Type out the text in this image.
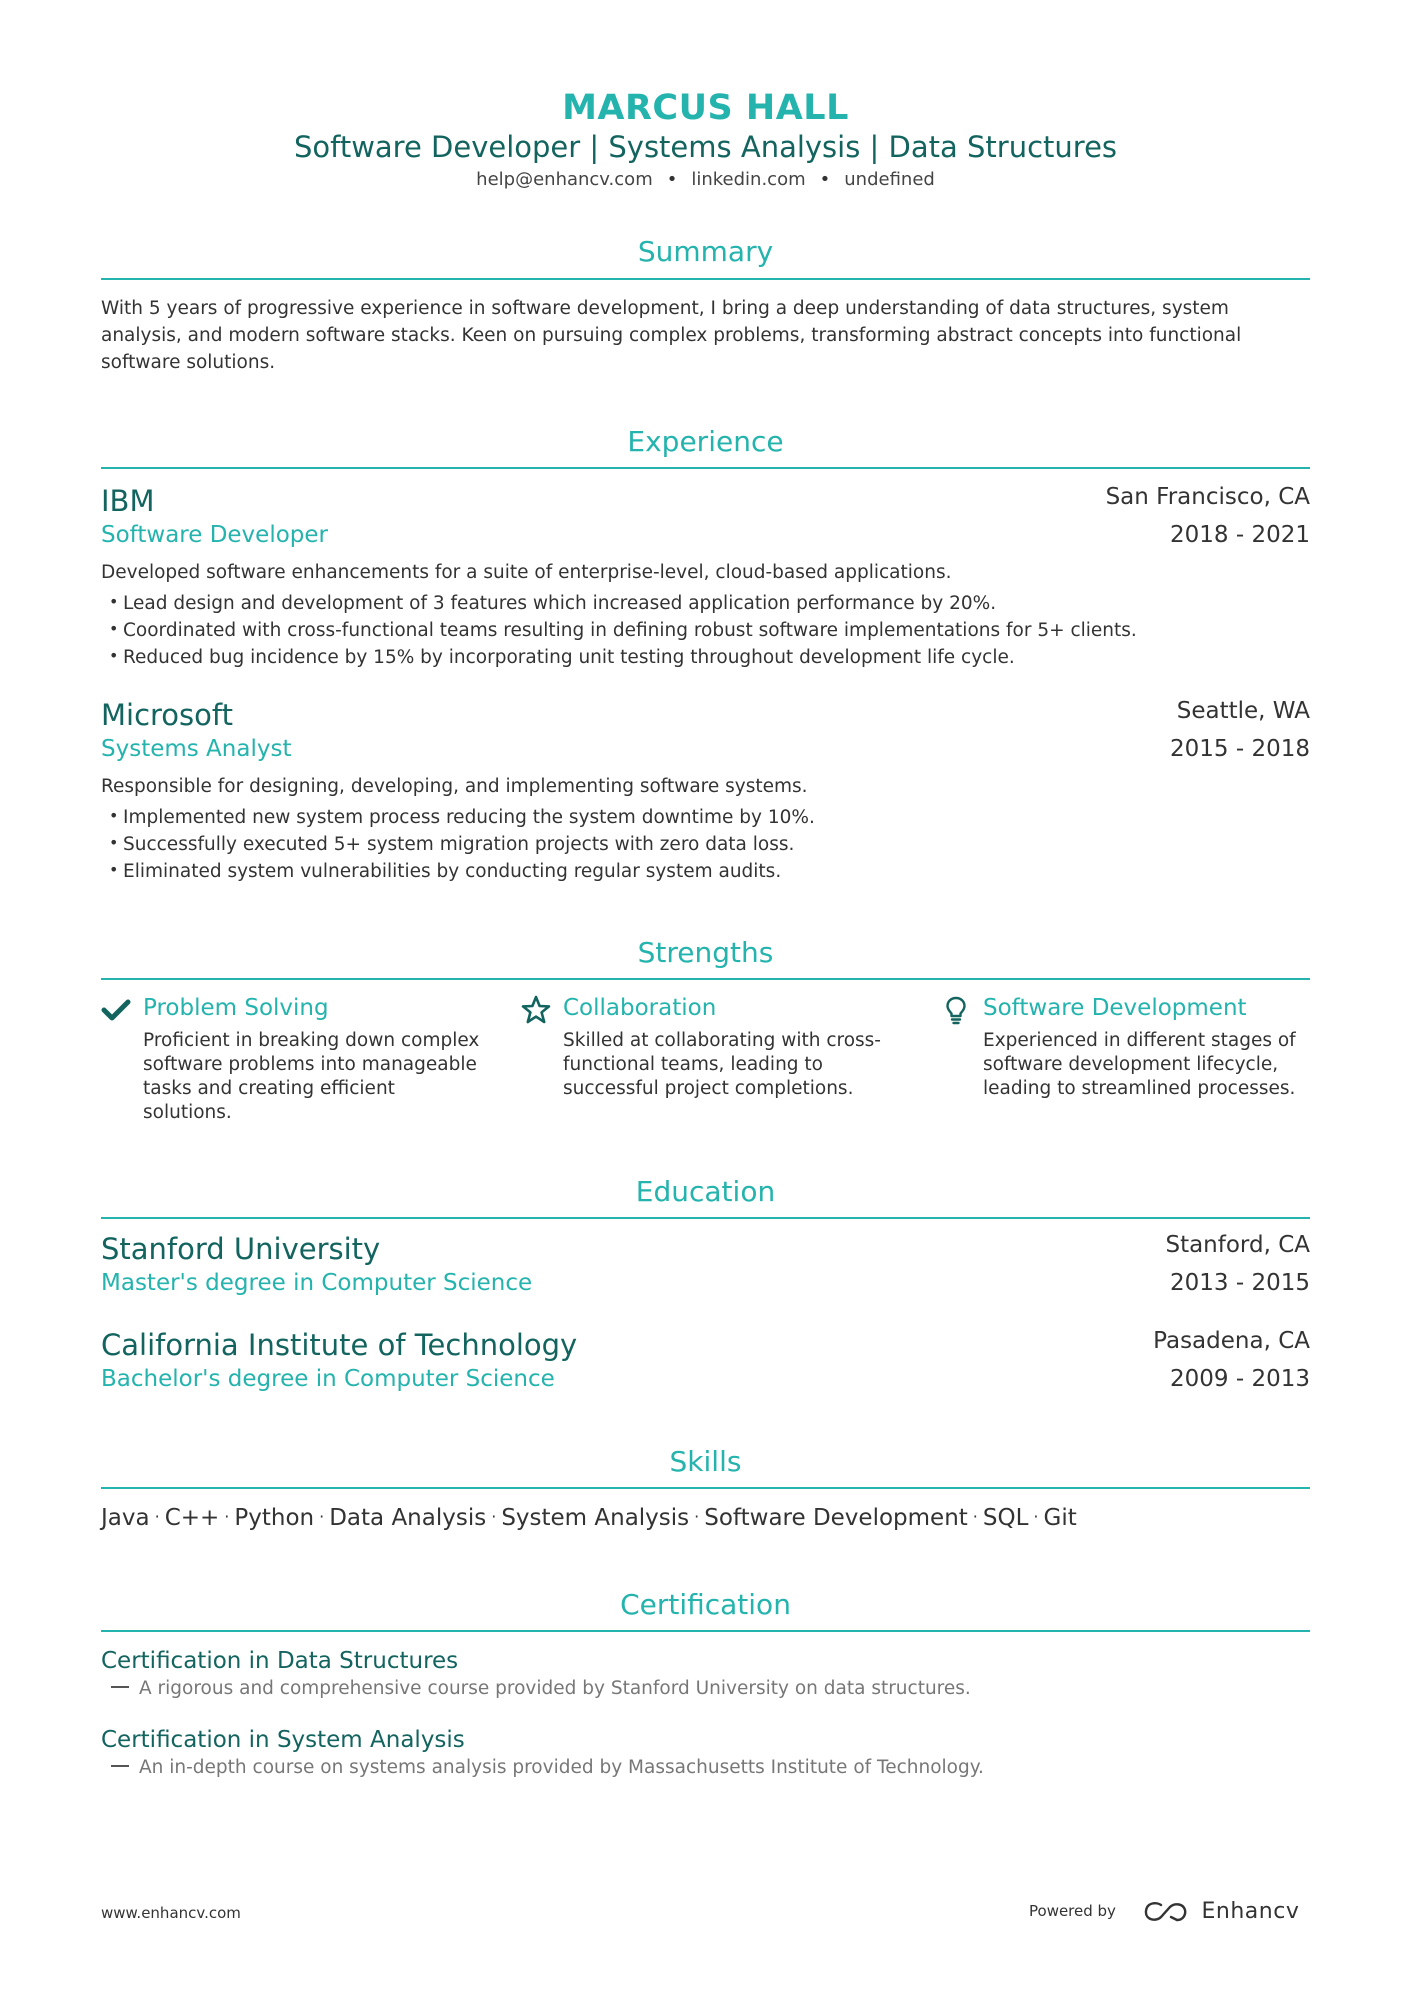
MARCUS HALL
Software Developer | Systems Analysis | Data Structures
help@enhancv.com • linkedin.com • undefined
Summary
With 5 years of progressive experience in software development, I bring a deep understanding of data structures, system analysis, and modern software stacks. Keen on pursuing complex problems, transforming abstract concepts into functional software solutions.
Experience
IBM	San Francisco, CA
Software Developer	2018 - 2021
Developed software enhancements for a suite of enterprise-level, cloud-based applications.
• Lead design and development of 3 features which increased application performance by 20%.
• Coordinated with cross-functional teams resulting in defining robust software implementations for 5+ clients.
• Reduced bug incidence by 15% by incorporating unit testing throughout development life cycle.
Microsoft	Seattle, WA
Systems Analyst	2015 - 2018
Responsible for designing, developing, and implementing software systems.
• Implemented new system process reducing the system downtime by 10%.
• Successfully executed 5+ system migration projects with zero data loss.
• Eliminated system vulnerabilities by conducting regular system audits.
Strengths
Problem Solving
Proficient in breaking down complex software problems into manageable tasks and creating efficient solutions.
Collaboration
Skilled at collaborating with cross-functional teams, leading to successful project completions.
Software Development
Experienced in different stages of software development lifecycle, leading to streamlined processes.
Education
Stanford University	Stanford, CA
Master's degree in Computer Science	2013 - 2015
California Institute of Technology	Pasadena, CA
Bachelor's degree in Computer Science	2009 - 2013
Skills
Java · C++ · Python · Data Analysis · System Analysis · Software Development · SQL · Git
Certification
Certification in Data Structures
A rigorous and comprehensive course provided by Stanford University on data structures.
Certification in System Analysis
An in-depth course on systems analysis provided by Massachusetts Institute of Technology.
www.enhancv.com	Powered by	Enhancv
